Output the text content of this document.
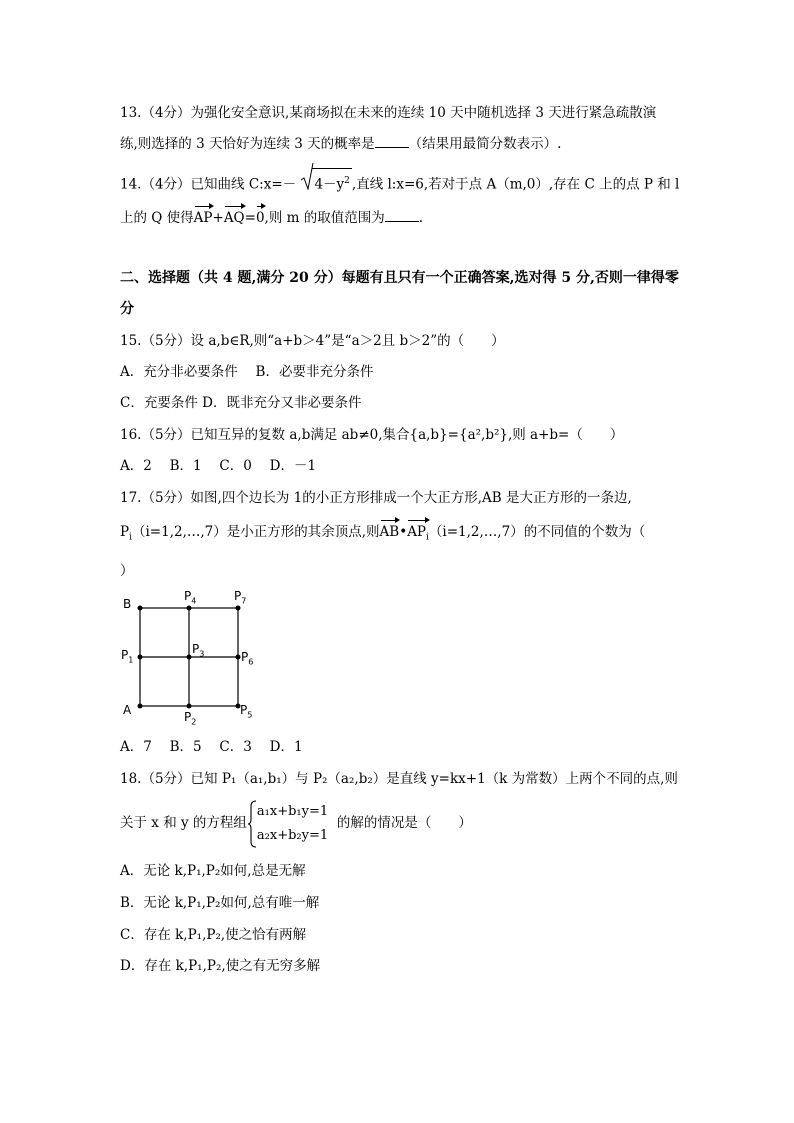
13.（4分）为强化安全意识,某商场拟在未来的连续 10 天中随机选择 3 天进行紧急疏散演
练,则选择的 3 天恰好为连续 3 天的概率是	（结果用最简分数表示）.
14.（4分）已知曲线 C:x=－ $4-y^2$ ,直线 l:x=6,若对于点 A（m,0）,存在 C 上的点 P 和 l
上的 Q 使得AP+AQ=0,则 m 的取值范围为	.
二、选择题（共 4 题,满分 20 分）每题有且只有一个正确答案,选对得 5 分,否则一律得零
分
15.（5分）设 a,b∈R,则“a+b＞4”是“a＞2且 b＞2”的（　　）
A．充分非必要条件　 B．必要非充分条件
C．充要条件 D．既非充分又非必要条件
16.（5分）已知互异的复数 a,b满足 ab≠0,集合{a,b}={a²,b²},则 a+b=（　　）
A．2　 B．1　 C．0　 D．－1
17.（5分）如图,四个边长为 1的小正方形排成一个大正方形,AB 是大正方形的一条边,
$P_i(i=1,2,\dots,7)$是小正方形的其余顶点,则$AB•AP_i(i=1,2,\dots,7)$的不同值的个数为（
）
B
$P_4$	$P_7$
$P_1$
$P_3$	$P_6$
A	$P_2$
$P_5$
A．7　 B．5　 C．3　 D．1
18.（5分）已知 P₁（a₁,b₁）与 P₂（a₂,b₂）是直线 y=kx+1（k 为常数）上两个不同的点,则
关于 x 和 y 的方程组
a₁x+b₁y=1
a₂x+b₂y=1
的解的情况是（　　）
A．无论 k,P₁,P₂如何,总是无解
B．无论 k,P₁,P₂如何,总有唯一解
C．存在 k,P₁,P₂,使之恰有两解
D．存在 k,P₁,P₂,使之有无穷多解
